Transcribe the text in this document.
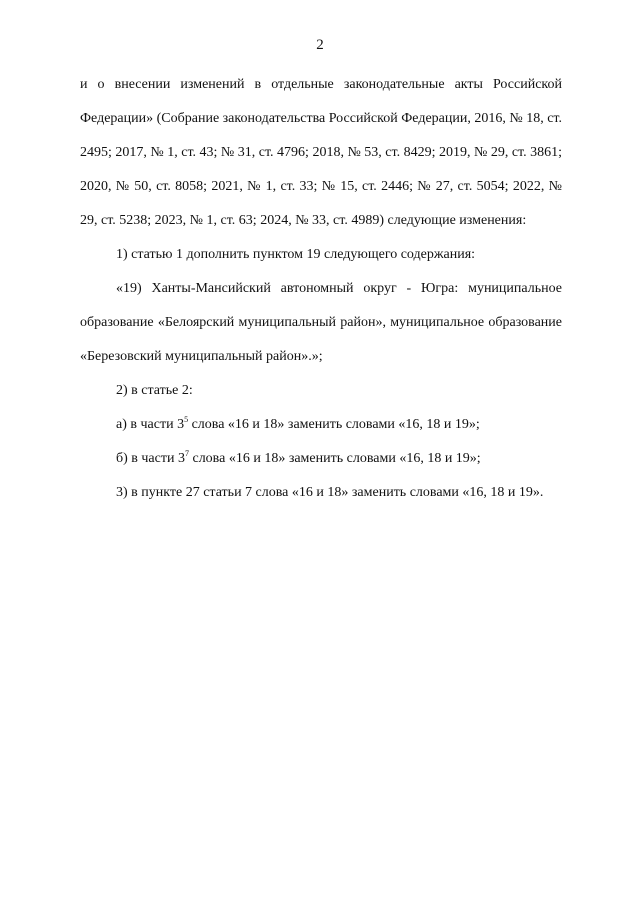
2

и о внесении изменений в отдельные законодательные акты Российской Федерации» (Собрание законодательства Российской Федерации, 2016, № 18, ст. 2495; 2017, № 1, ст. 43; № 31, ст. 4796; 2018, № 53, ст. 8429; 2019, № 29, ст. 3861; 2020, № 50, ст. 8058; 2021, № 1, ст. 33; № 15, ст. 2446; № 27, ст. 5054; 2022, № 29, ст. 5238; 2023, № 1, ст. 63; 2024, № 33, ст. 4989) следующие изменения:

1) статью 1 дополнить пунктом 19 следующего содержания:

«19) Ханты-Мансийский автономный округ - Югра: муниципальное образование «Белоярский муниципальный район», муниципальное образование «Березовский муниципальный район».»;

2) в статье 2:

а) в части $3^5$ слова «16 и 18» заменить словами «16, 18 и 19»;

б) в части $3^7$ слова «16 и 18» заменить словами «16, 18 и 19»;

3) в пункте 27 статьи 7 слова «16 и 18» заменить словами «16, 18 и 19».
